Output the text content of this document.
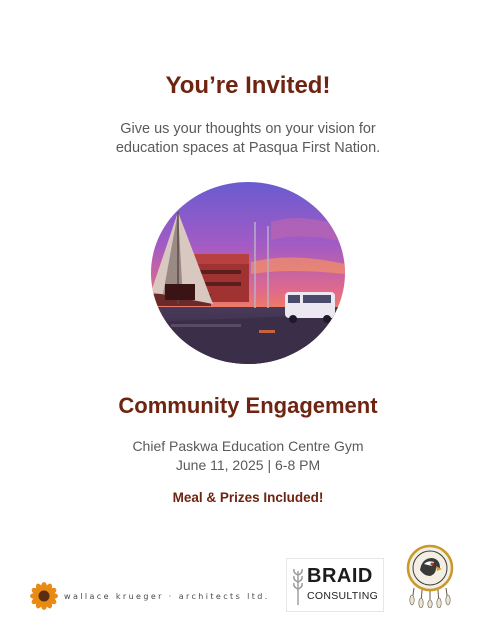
You’re Invited!
Give us your thoughts on your vision for
education spaces at Pasqua First Nation.
Community Engagement
Chief Paskwa Education Centre Gym
June 11, 2025 | 6-8 PM
Meal & Prizes Included!
wallace krueger · architects ltd.
BRAID
CONSULTING
